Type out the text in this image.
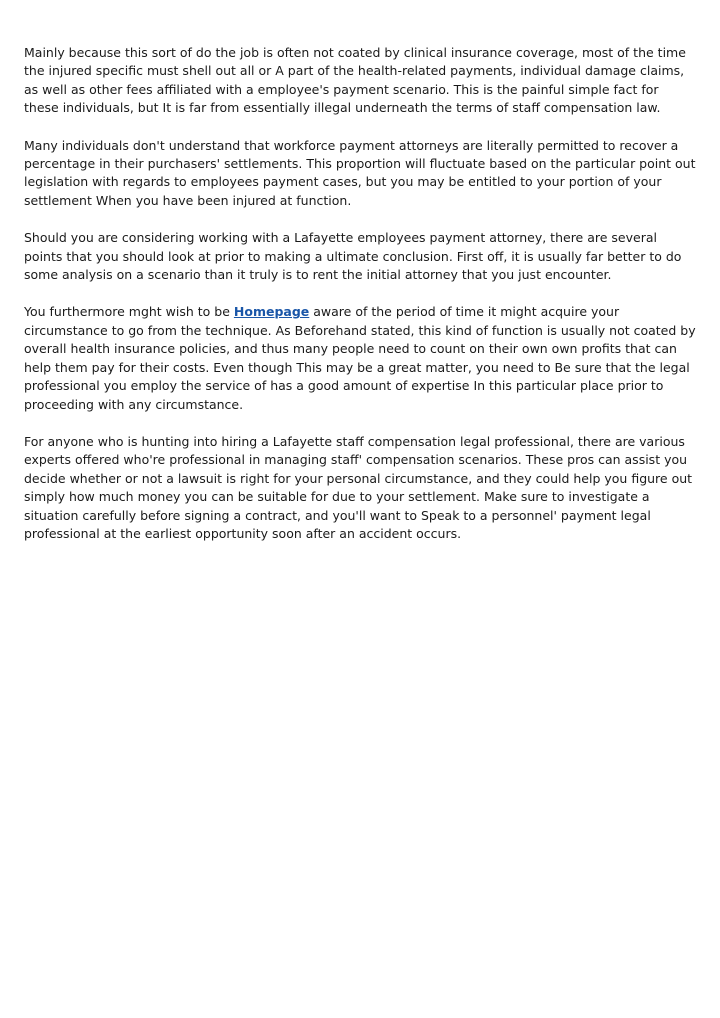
Mainly because this sort of do the job is often not coated by clinical insurance coverage, most of the time the injured specific must shell out all or A part of the health-related payments, individual damage claims, as well as other fees affiliated with a employee's payment scenario. This is the painful simple fact for these individuals, but It is far from essentially illegal underneath the terms of staff compensation law.

Many individuals don't understand that workforce payment attorneys are literally permitted to recover a percentage in their purchasers' settlements. This proportion will fluctuate based on the particular point out legislation with regards to employees payment cases, but you may be entitled to your portion of your settlement When you have been injured at function.

Should you are considering working with a Lafayette employees payment attorney, there are several points that you should look at prior to making a ultimate conclusion. First off, it is usually far better to do some analysis on a scenario than it truly is to rent the initial attorney that you just encounter.

You furthermore mght wish to be Homepage aware of the period of time it might acquire your circumstance to go from the technique. As Beforehand stated, this kind of function is usually not coated by overall health insurance policies, and thus many people need to count on their own own profits that can help them pay for their costs. Even though This may be a great matter, you need to Be sure that the legal professional you employ the service of has a good amount of expertise In this particular place prior to proceeding with any circumstance.

For anyone who is hunting into hiring a Lafayette staff compensation legal professional, there are various experts offered who're professional in managing staff' compensation scenarios. These pros can assist you decide whether or not a lawsuit is right for your personal circumstance, and they could help you figure out simply how much money you can be suitable for due to your settlement. Make sure to investigate a situation carefully before signing a contract, and you'll want to Speak to a personnel' payment legal professional at the earliest opportunity soon after an accident occurs.
